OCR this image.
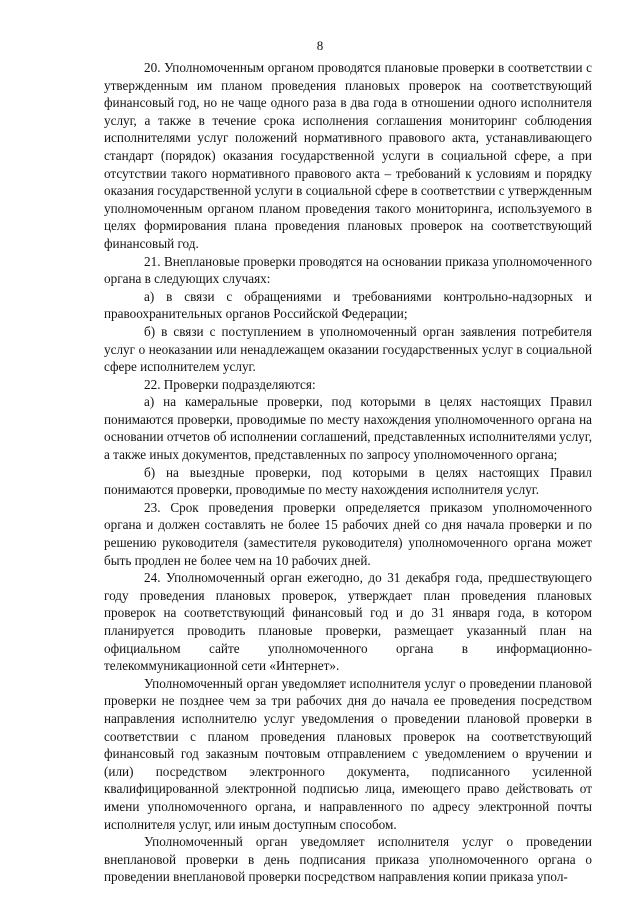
8

20. Уполномоченным органом проводятся плановые проверки в соответствии с утвержденным им планом проведения плановых проверок на соответствующий финансовый год, но не чаще одного раза в два года в отношении одного исполнителя услуг, а также в течение срока исполнения соглашения мониторинг соблюдения исполнителями услуг положений нормативного правового акта, устанавливающего стандарт (порядок) оказания государственной услуги в социальной сфере, а при отсутствии такого нормативного правового акта – требований к условиям и порядку оказания государственной услуги в социальной сфере в соответствии с утвержденным уполномоченным органом планом проведения такого мониторинга, используемого в целях формирования плана проведения плановых проверок на соответствующий финансовый год.

21. Внеплановые проверки проводятся на основании приказа уполномоченного органа в следующих случаях:

а) в связи с обращениями и требованиями контрольно-надзорных и правоохранительных органов Российской Федерации;

б) в связи с поступлением в уполномоченный орган заявления потребителя услуг о неоказании или ненадлежащем оказании государственных услуг в социальной сфере исполнителем услуг.

22. Проверки подразделяются:

а) на камеральные проверки, под которыми в целях настоящих Правил понимаются проверки, проводимые по месту нахождения уполномоченного органа на основании отчетов об исполнении соглашений, представленных исполнителями услуг, а также иных документов, представленных по запросу уполномоченного органа;

б) на выездные проверки, под которыми в целях настоящих Правил понимаются проверки, проводимые по месту нахождения исполнителя услуг.

23. Срок проведения проверки определяется приказом уполномоченного органа и должен составлять не более 15 рабочих дней со дня начала проверки и по решению руководителя (заместителя руководителя) уполномоченного органа может быть продлен не более чем на 10 рабочих дней.

24. Уполномоченный орган ежегодно, до 31 декабря года, предшествующего году проведения плановых проверок, утверждает план проведения плановых проверок на соответствующий финансовый год и до 31 января года, в котором планируется проводить плановые проверки, размещает указанный план на официальном сайте уполномоченного органа в информационно-телекоммуникационной сети «Интернет».

Уполномоченный орган уведомляет исполнителя услуг о проведении плановой проверки не позднее чем за три рабочих дня до начала ее проведения посредством направления исполнителю услуг уведомления о проведении плановой проверки в соответствии с планом проведения плановых проверок на соответствующий финансовый год заказным почтовым отправлением с уведомлением о вручении и (или) посредством электронного документа, подписанного усиленной квалифицированной электронной подписью лица, имеющего право действовать от имени уполномоченного органа, и направленного по адресу электронной почты исполнителя услуг, или иным доступным способом.

Уполномоченный орган уведомляет исполнителя услуг о проведении внеплановой проверки в день подписания приказа уполномоченного органа о проведении внеплановой проверки посредством направления копии приказа упол-
